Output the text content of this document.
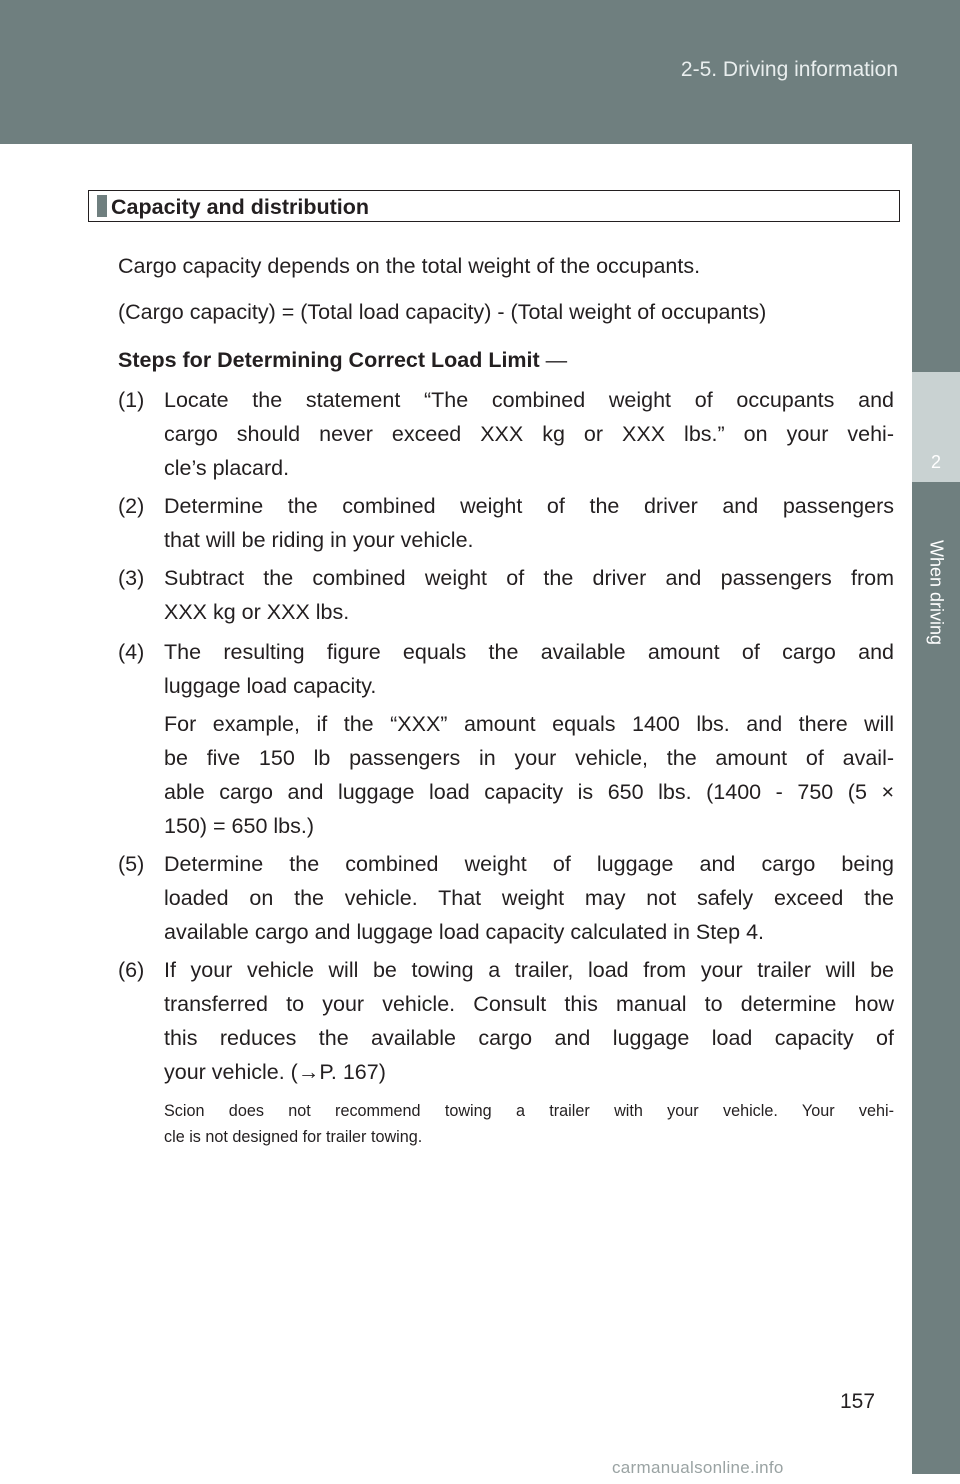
2-5. Driving information
2
When driving
Capacity and distribution
Cargo capacity depends on the total weight of the occupants.
(Cargo capacity) = (Total load capacity) - (Total weight of occupants)
Steps for Determining Correct Load Limit —
(1) Locate the statement “The combined weight of occupants and
cargo should never exceed XXX kg or XXX lbs.” on your vehi-
cle’s placard.
(2) Determine the combined weight of the driver and passengers
that will be riding in your vehicle.
(3) Subtract the combined weight of the driver and passengers from
XXX kg or XXX lbs.
(4) The resulting figure equals the available amount of cargo and
luggage load capacity.
For example, if the “XXX” amount equals 1400 lbs. and there will
be five 150 lb passengers in your vehicle, the amount of avail-
able cargo and luggage load capacity is 650 lbs. (1400 - 750 (5 ×
150) = 650 lbs.)
(5) Determine the combined weight of luggage and cargo being
loaded on the vehicle. That weight may not safely exceed the
available cargo and luggage load capacity calculated in Step 4.
(6) If your vehicle will be towing a trailer, load from your trailer will be
transferred to your vehicle. Consult this manual to determine how
this reduces the available cargo and luggage load capacity of
your vehicle. (→P. 167)
Scion does not recommend towing a trailer with your vehicle. Your vehi-
cle is not designed for trailer towing.
157
carmanualsonline.info
